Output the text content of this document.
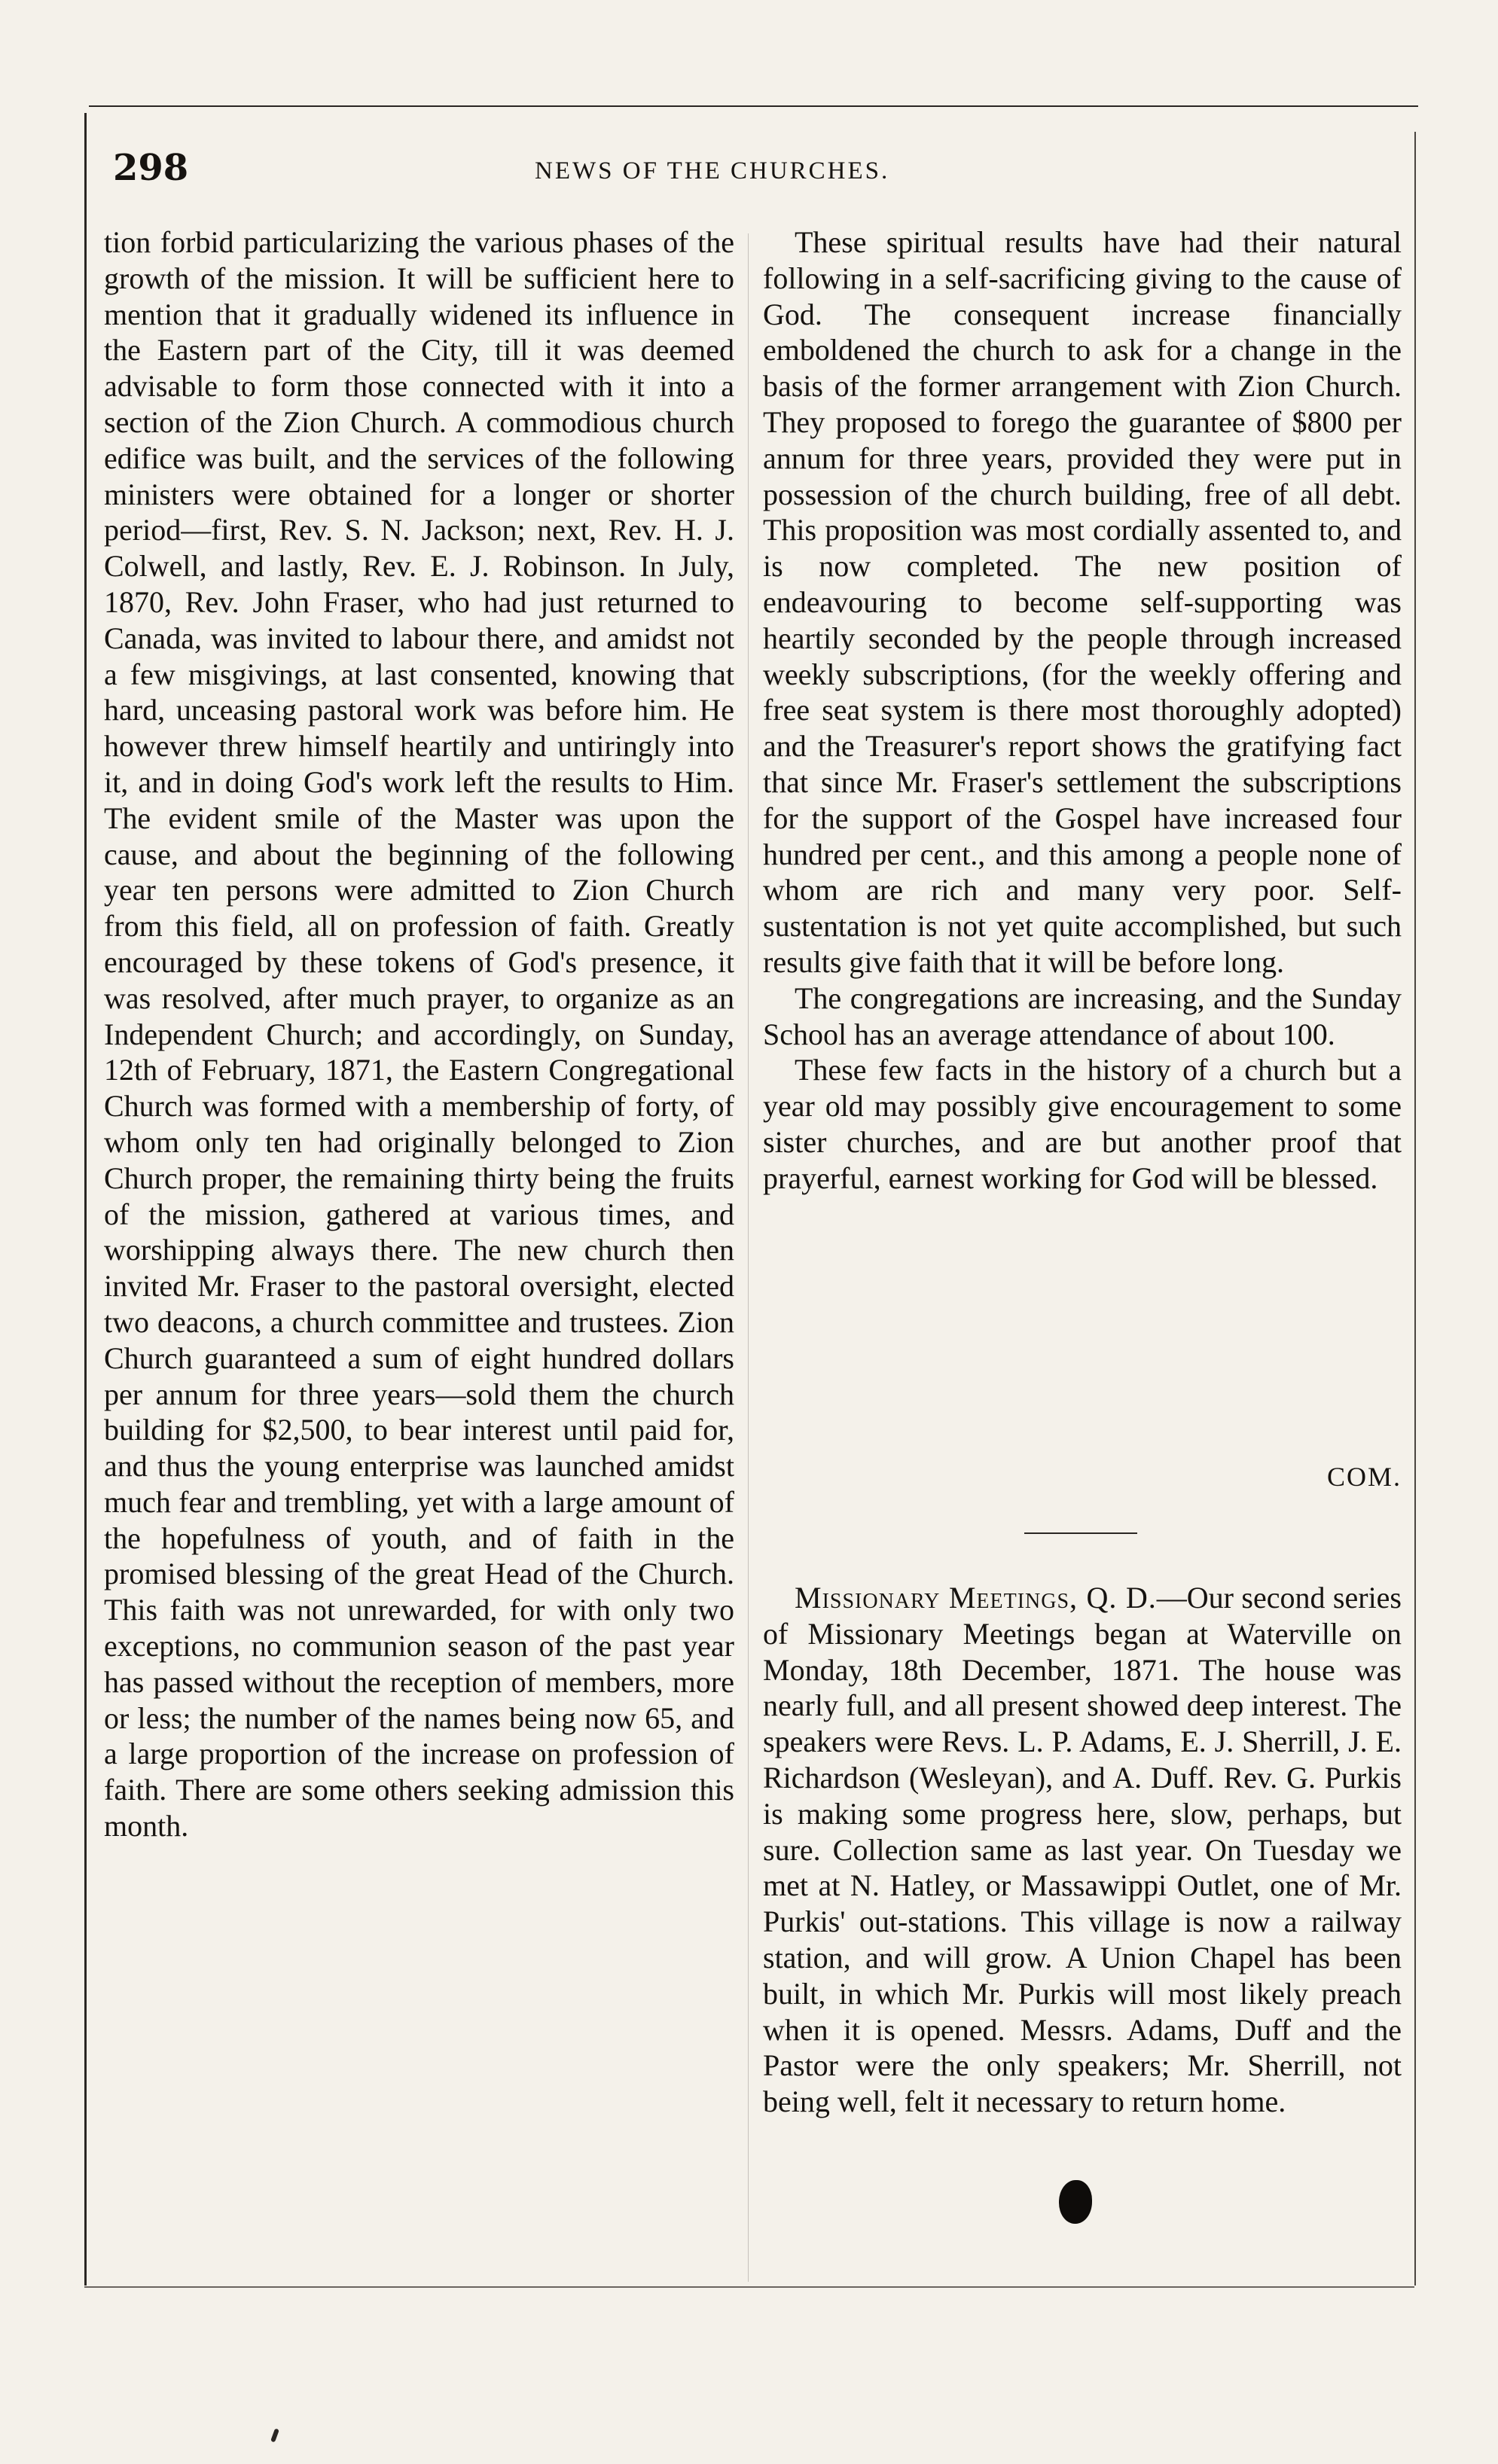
298	NEWS OF THE CHURCHES.

tion forbid particularizing the various phases of the growth of the mission. It will be sufficient here to mention that it gradually widened its influence in the Eastern part of the City, till it was deemed advisable to form those connected with it into a section of the Zion Church. A commodious church edifice was built, and the services of the following ministers were obtained for a longer or shorter period—first, Rev. S. N. Jackson; next, Rev. H. J. Colwell, and lastly, Rev. E. J. Robinson. In July, 1870, Rev. John Fraser, who had just returned to Canada, was invited to labour there, and amidst not a few misgivings, at last consented, knowing that hard, unceasing pastoral work was before him. He however threw himself heartily and untiringly into it, and in doing God's work left the results to Him. The evident smile of the Master was upon the cause, and about the beginning of the following year ten persons were admitted to Zion Church from this field, all on profession of faith. Greatly encouraged by these tokens of God's presence, it was resolved, after much prayer, to organize as an Independent Church; and accordingly, on Sunday, 12th of February, 1871, the Eastern Congregational Church was formed with a membership of forty, of whom only ten had originally belonged to Zion Church proper, the remaining thirty being the fruits of the mission, gathered at various times, and worshipping always there. The new church then invited Mr. Fraser to the pastoral oversight, elected two deacons, a church committee and trustees. Zion Church guaranteed a sum of eight hundred dollars per annum for three years—sold them the church building for $2,500, to bear interest until paid for, and thus the young enterprise was launched amidst much fear and trembling, yet with a large amount of the hopefulness of youth, and of faith in the promised blessing of the great Head of the Church. This faith was not unrewarded, for with only two exceptions, no communion season of the past year has passed without the reception of members, more or less; the number of the names being now 65, and a large proportion of the increase on profession of faith. There are some others seeking admission this month.

These spiritual results have had their natural following in a self-sacrificing giving to the cause of God. The consequent increase financially emboldened the church to ask for a change in the basis of the former arrangement with Zion Church. They proposed to forego the guarantee of $800 per annum for three years, provided they were put in possession of the church building, free of all debt. This proposition was most cordially assented to, and is now completed. The new position of endeavouring to become self-supporting was heartily seconded by the people through increased weekly subscriptions, (for the weekly offering and free seat system is there most thoroughly adopted) and the Treasurer's report shows the gratifying fact that since Mr. Fraser's settlement the subscriptions for the support of the Gospel have increased four hundred per cent., and this among a people none of whom are rich and many very poor. Self-sustentation is not yet quite accomplished, but such results give faith that it will be before long.

The congregations are increasing, and the Sunday School has an average attendance of about 100.

These few facts in the history of a church but a year old may possibly give encouragement to some sister churches, and are but another proof that prayerful, earnest working for God will be blessed.

COM.

Missionary Meetings, Q. D.—Our second series of Missionary Meetings began at Waterville on Monday, 18th December, 1871. The house was nearly full, and all present showed deep interest. The speakers were Revs. L. P. Adams, E. J. Sherrill, J. E. Richardson (Wesleyan), and A. Duff. Rev. G. Purkis is making some progress here, slow, perhaps, but sure. Collection same as last year. On Tuesday we met at N. Hatley, or Massawippi Outlet, one of Mr. Purkis' out-stations. This village is now a railway station, and will grow. A Union Chapel has been built, in which Mr. Purkis will most likely preach when it is opened. Messrs. Adams, Duff and the Pastor were the only speakers; Mr. Sherrill, not being well, felt it necessary to return home.
